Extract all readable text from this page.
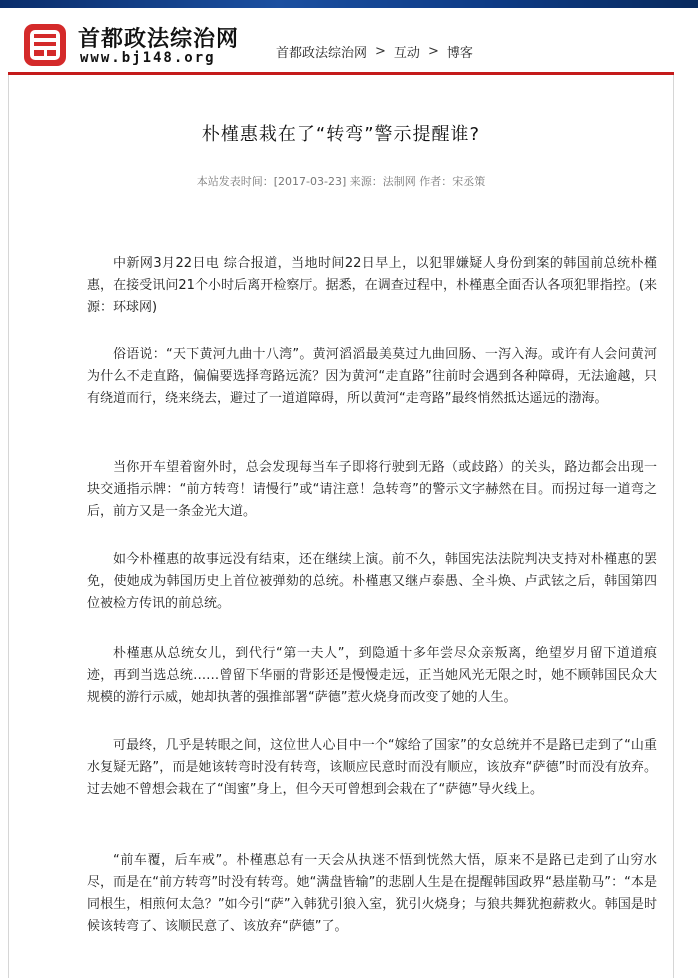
首都政法综治网
www.bj148.org	首都政法综治网 > 互动 > 博客
朴槿惠栽在了“转弯”警示提醒谁?
本站发表时间：[2017-03-23] 来源：法制网 作者：宋丞策

中新网3月22日电 综合报道，当地时间22日早上，以犯罪嫌疑人身份到案的韩国前总统朴槿惠，在接受讯问21个小时后离开检察厅。据悉，在调查过程中，朴槿惠全面否认各项犯罪指控。(来源：环球网)

俗语说：“天下黄河九曲十八湾”。黄河滔滔最美莫过九曲回肠、一泻入海。或许有人会问黄河为什么不走直路，偏偏要选择弯路远流？因为黄河“走直路”往前时会遇到各种障碍，无法逾越，只有绕道而行，绕来绕去，避过了一道道障碍，所以黄河“走弯路”最终悄然抵达遥远的渤海。

当你开车望着窗外时，总会发现每当车子即将行驶到无路（或歧路）的关头，路边都会出现一块交通指示牌：“前方转弯！请慢行”或“请注意！急转弯”的警示文字赫然在目。而拐过每一道弯之后，前方又是一条金光大道。

如今朴槿惠的故事远没有结束，还在继续上演。前不久，韩国宪法法院判决支持对朴槿惠的罢免，使她成为韩国历史上首位被弹劾的总统。朴槿惠又继卢泰愚、全斗焕、卢武铉之后，韩国第四位被检方传讯的前总统。

朴槿惠从总统女儿，到代行“第一夫人”，到隐遁十多年尝尽众亲叛离，绝望岁月留下道道痕迹，再到当选总统……曾留下华丽的背影还是慢慢走远，正当她风光无限之时，她不顾韩国民众大规模的游行示威，她却执著的强推部署“萨德”惹火烧身而改变了她的人生。

可最终，几乎是转眼之间，这位世人心目中一个“嫁给了国家”的女总统并不是路已走到了“山重水复疑无路”，而是她该转弯时没有转弯，该顺应民意时而没有顺应，该放弃“萨德”时而没有放弃。过去她不曾想会栽在了“闺蜜”身上，但今天可曾想到会栽在了“萨德”导火线上。

“前车覆，后车戒”。朴槿惠总有一天会从执迷不悟到恍然大悟，原来不是路已走到了山穷水尽，而是在“前方转弯”时没有转弯。她“满盘皆输”的悲剧人生是在提醒韩国政界“悬崖勒马”：“本是同根生，相煎何太急？”如今引“萨”入韩犹引狼入室，犹引火烧身；与狼共舞犹抱薪救火。韩国是时候该转弯了、该顺民意了、该放弃“萨德”了。
